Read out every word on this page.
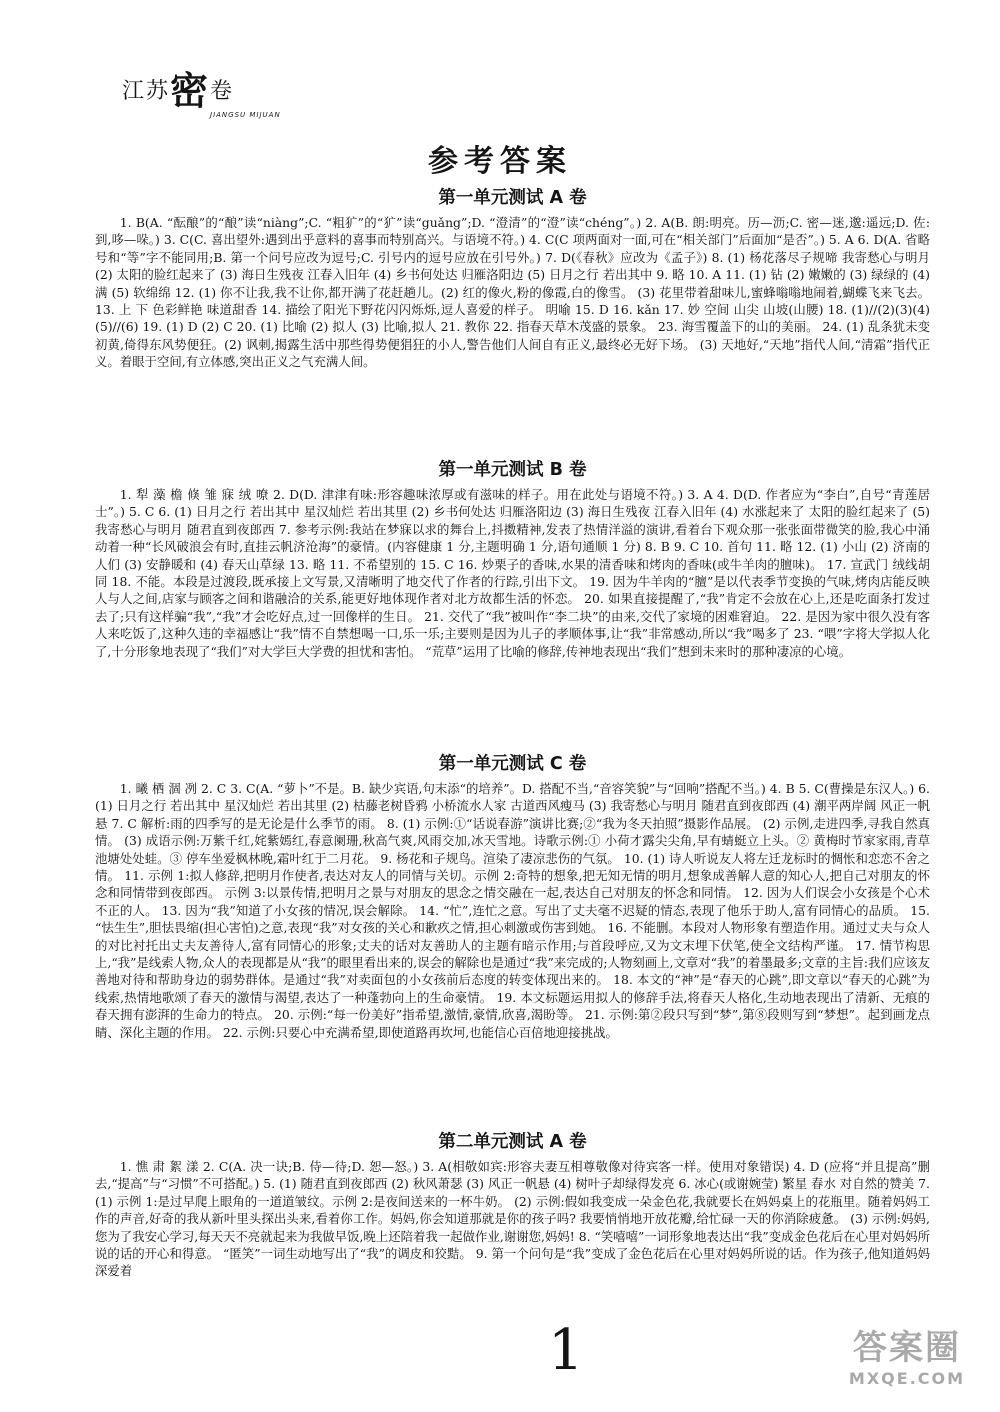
江苏密卷
JIANGSU MIJUAN
参考答案
第一单元测试 A 卷

1. B(A. “酝酿”的“酿”读“niàng”;C. “粗犷”的“犷”读“guǎng”;D. “澄清”的“澄”读“chéng”。) 2. A(B. 朗:明亮。历—沥;C. 密—迷,邈:遥远;D. 佐:到,哆—哚。) 3. C(C. 喜出望外:遇到出乎意料的喜事而特别高兴。与语境不符。) 4. C(C 项两面对一面,可在“相关部门”后面加“是否”。) 5. A 6. D(A. 省略号和“等”字不能同用;B. 第一个问号应改为逗号;C. 引号内的逗号应放在引号外。) 7. D(《春秋》应改为《孟子》) 8. (1) 杨花落尽子规啼 我寄愁心与明月 (2) 太阳的脸红起来了 (3) 海日生残夜 江春入旧年 (4) 乡书何处达 归雁洛阳边 (5) 日月之行 若出其中 9. 略 10. A 11. (1) 钻 (2) 嫩嫩的 (3) 绿绿的 (4) 满 (5) 软绵绵 12. (1) 你不让我,我不让你,都开满了花赶趟儿。(2) 红的像火,粉的像霞,白的像雪。 (3) 花里带着甜味儿,蜜蜂嗡嗡地闹着,蝴蝶飞来飞去。 13. 上 下 色彩鲜艳 味道甜香 14. 描绘了阳光下野花闪闪烁烁,逗人喜爱的样子。 明喻 15. D 16. kǎn 17. 妙 空间 山尖 山坡(山腰) 18. (1)//(2)(3)(4)(5)//(6) 19. (1) D (2) C 20. (1) 比喻 (2) 拟人 (3) 比喻,拟人 21. 教你 22. 指春天草木茂盛的景象。 23. 海雪覆盖下的山的美丽。 24. (1) 乱条犹未变初黄,倚得东风势便狂。(2) 讽刺,揭露生活中那些得势便猖狂的小人,警告他们人间自有正义,最终必无好下场。 (3) 天地好,“天地”指代人间,“清霜”指代正义。着眼于空间,有立体感,突出正义之气充满人间。

第一单元测试 B 卷

1. 犁 藻 檐 倏 雏 寐 绒 嘹 2. D(D. 津津有味:形容趣味浓厚或有滋味的样子。用在此处与语境不符。) 3. A 4. D(D. 作者应为“李白”,自号“青莲居士”。) 5. C 6. (1) 日月之行 若出其中 星汉灿烂 若出其里 (2) 乡书何处达 归雁洛阳边 (3) 海日生残夜 江春入旧年 (4) 水涨起来了 太阳的脸红起来了 (5) 我寄愁心与明月 随君直到夜郎西 7. 参考示例:我站在梦寐以求的舞台上,抖擞精神,发表了热情洋溢的演讲,看着台下观众那一张张面带微笑的脸,我心中涌动着一种“长风破浪会有时,直挂云帆济沧海”的豪情。(内容健康 1 分,主题明确 1 分,语句通顺 1 分) 8. B 9. C 10. 首句 11. 略 12. (1) 小山 (2) 济南的人们 (3) 安静暖和 (4) 春天山草绿 13. 略 11. 不希望别的 15. C 16. 炒栗子的香味,水果的清香味和烤肉的香味(或牛羊肉的膻味)。 17. 宣武门 绒线胡同 18. 不能。本段是过渡段,既承接上文写景,又清晰明了地交代了作者的行踪,引出下文。 19. 因为牛羊肉的“膻”是以代表季节变换的气味,烤肉店能反映人与人之间,店家与顾客之间和谐融洽的关系,能更好地体现作者对北方故都生活的怀恋。 20. 如果直接提醒了,“我”肯定不会放在心上,还是吃面条打发过去了;只有这样骗“我”,“我”才会吃好点,过一回像样的生日。 21. 交代了“我”被叫作“李二块”的由来,交代了家境的困难窘迫。 22. 是因为家中很久没有客人来吃饭了,这种久违的幸福感让“我”情不自禁想喝一口,乐一乐;主要则是因为儿子的孝顺体事,让“我”非常感动,所以“我”喝多了 23. “喂”字将大学拟人化了,十分形象地表现了“我们”对大学巨大学费的担忧和害怕。 “荒草”运用了比喻的修辞,传神地表现出“我们”想到未来时的那种凄凉的心境。

第一单元测试 C 卷

1. 曦 栖 涸 冽 2. C 3. C(A. “萝卜”不是。B. 缺少宾语,句末添“的培养”。D. 搭配不当,“音容笑貌”与“回响”搭配不当。) 4. B 5. C(曹操是东汉人。) 6. (1) 日月之行 若出其中 星汉灿烂 若出其里 (2) 枯藤老树昏鸦 小桥流水人家 古道西风瘦马 (3) 我寄愁心与明月 随君直到夜郎西 (4) 潮平两岸阔 风正一帆悬 7. C 解析:雨的四季写的是无论是什么季节的雨。 8. (1) 示例:①“话说春游”演讲比赛;②“我为冬天拍照”摄影作品展。 (2) 示例,走进四季,寻我自然真情。 (3) 成语示例:万紫千红,姹紫嫣红,春意阑珊,秋高气爽,风雨交加,冰天雪地。诗歌示例:① 小荷才露尖尖角,早有蜻蜓立上头。② 黄梅时节家家雨,青草池塘处处蛙。③ 停车坐爱枫林晚,霜叶红于二月花。 9. 杨花和子规鸟。渲染了凄凉悲伤的气氛。 10. (1) 诗人听说友人将左迁龙标时的惆怅和恋恋不舍之情。 11. 示例 1:拟人修辞,把明月作使者,表达对友人的同情与关切。示例 2:奇特的想象,把无知无情的明月,想象成善解人意的知心人,把自己对朋友的怀念和同情带到夜郎西。 示例 3:以景传情,把明月之景与对朋友的思念之情交融在一起,表达自己对朋友的怀念和同情。 12. 因为人们误会小女孩是个心术不正的人。 13. 因为“我”知道了小女孩的情况,误会解除。 14. “忙”,连忙之意。写出了丈夫毫不迟疑的情态,表现了他乐于助人,富有同情心的品质。 15. “怯生生”,胆怯畏缩(担心害怕)之意,表现“我”对女孩的关心和歉疚之情,担心刺激或伤害到她。 16. 不能删。本段对人物形象有塑造作用。通过丈夫与众人的对比衬托出丈夫友善待人,富有同情心的形象;丈夫的话对友善助人的主题有暗示作用;与首段呼应,又为文末埋下伏笔,使全文结构严谨。 17. 情节构思上,“我”是线索人物,众人的表现都是从“我”的眼里看出来的,误会的解除也是通过“我”来完成的;人物刻画上,文章对“我”的着墨最多;文章的主旨:我们应该友善地对待和帮助身边的弱势群体。是通过“我”对卖面包的小女孩前后态度的转变体现出来的。 18. 本文的“神”是“春天的心跳”,即文章以“春天的心跳”为线索,热情地歌颂了春天的激情与渴望,表达了一种蓬勃向上的生命豪情。 19. 本文标题运用拟人的修辞手法,将春天人格化,生动地表现出了清新、无痕的春天拥有澎湃的生命力的特点。 20. 示例:“每一份美好”指希望,激情,豪情,欣喜,渴盼等。 21. 示例:第②段只写到“梦”,第⑧段则写到“梦想”。起到画龙点睛、深化主题的作用。 22. 示例:只要心中充满希望,即使道路再坎坷,也能信心百倍地迎接挑战。

第二单元测试 A 卷

1. 憔 肃 絮 漾 2. C(A. 决一诀;B. 侍—待;D. 恕—怒。) 3. A(相敬如宾:形容夫妻互相尊敬像对待宾客一样。使用对象错误) 4. D (应将“并且提高”删去,“提高”与“习惯”不可搭配。) 5. (1) 随君直到夜郎西 (2) 秋风萧瑟 (3) 风正一帆悬 (4) 树叶子却绿得发亮 6. 冰心(或谢婉莹) 繁星 春水 对自然的赞美 7. (1) 示例 1:是过早爬上眼角的一道道皱纹。示例 2:是夜间送来的一杯牛奶。 (2) 示例:假如我变成一朵金色花,我就要长在妈妈桌上的花瓶里。随着妈妈工作的声音,好奇的我从新叶里头探出头来,看着你工作。妈妈,你会知道那就是你的孩子吗? 我要悄悄地开放花瓣,给忙碌一天的你消除疲惫。 (3) 示例:妈妈,您为了我安心学习,每天天不亮就起来为我做早饭,晚上还陪着我一起做作业,谢谢您,妈妈! 8. “笑嘻嘻”一词形象地表达出“我”变成金色花后在心里对妈妈所说的话的开心和得意。 “匿笑”一词生动地写出了“我”的调皮和狡黠。 9. 第一个问句是“我”变成了金色花后在心里对妈妈所说的话。作为孩子,他知道妈妈深爱着

1	答案圈
MXQE.COM
